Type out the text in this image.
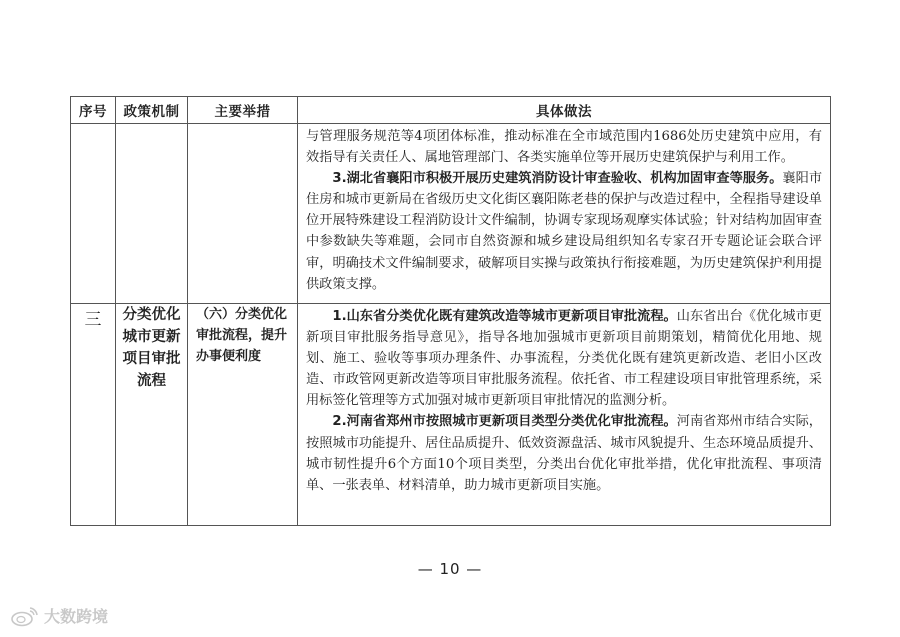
序号	政策机制	主要举措	具体做法

			与管理服务规范等4项团体标准，推动标准在全市域范围内1686处历史建筑中应用，有效指导有关责任人、属地管理部门、各类实施单位等开展历史建筑保护与利用工作。

3.湖北省襄阳市积极开展历史建筑消防设计审查验收、机构加固审查等服务。襄阳市住房和城市更新局在省级历史文化街区襄阳陈老巷的保护与改造过程中，全程指导建设单位开展特殊建设工程消防设计文件编制，协调专家现场观摩实体试验；针对结构加固审查中参数缺失等难题，会同市自然资源和城乡建设局组织知名专家召开专题论证会联合评审，明确技术文件编制要求，破解项目实操与政策执行衔接难题，为历史建筑保护利用提供政策支撑。

三	分类优化城市更新项目审批流程	（六）分类优化审批流程，提升办事便利度	1.山东省分类优化既有建筑改造等城市更新项目审批流程。山东省出台《优化城市更新项目审批服务指导意见》，指导各地加强城市更新项目前期策划，精简优化用地、规划、施工、验收等事项办理条件、办事流程，分类优化既有建筑更新改造、老旧小区改造、市政管网更新改造等项目审批服务流程。依托省、市工程建设项目审批管理系统，采用标签化管理等方式加强对城市更新项目审批情况的监测分析。

2.河南省郑州市按照城市更新项目类型分类优化审批流程。河南省郑州市结合实际，按照城市功能提升、居住品质提升、低效资源盘活、城市风貌提升、生态环境品质提升、城市韧性提升6个方面10个项目类型，分类出台优化审批举措，优化审批流程、事项清单、一张表单、材料清单，助力城市更新项目实施。

— 10 —
大数跨境
